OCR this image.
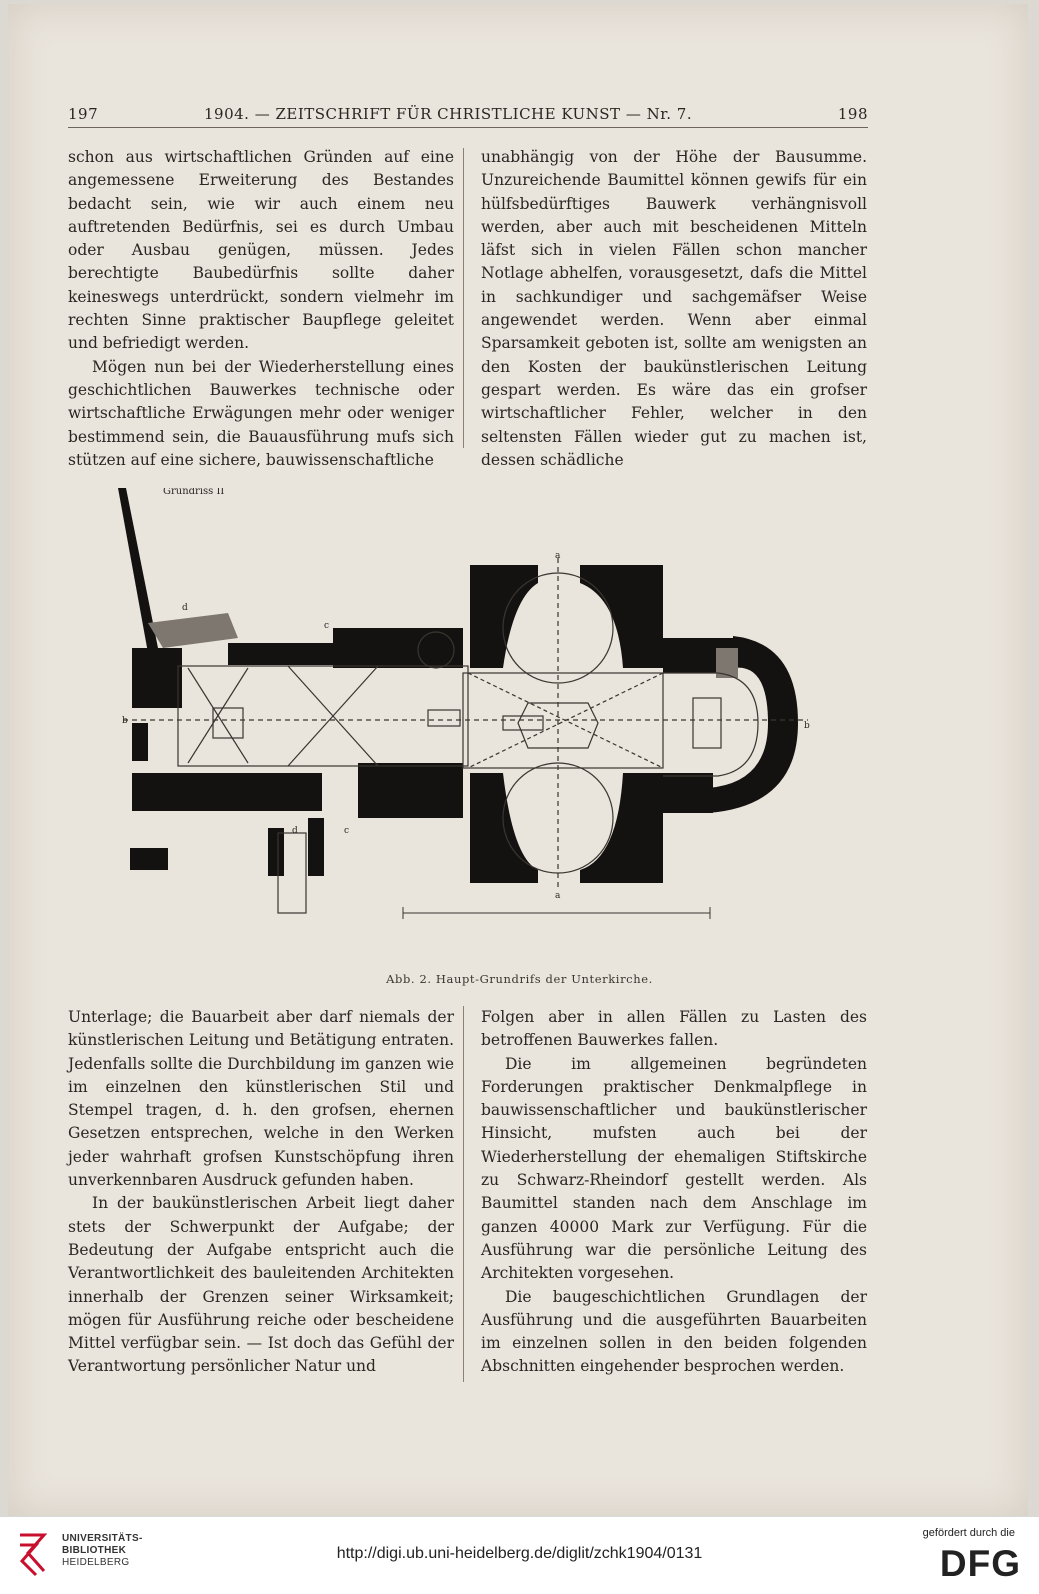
197	1904. — ZEITSCHRIFT FÜR CHRISTLICHE KUNST — Nr. 7.	198

schon aus wirtschaftlichen Gründen auf eine angemessene Erweiterung des Bestandes bedacht sein, wie wir auch einem neu auftretenden Bedürfnis, sei es durch Umbau oder Ausbau genügen, müssen. Jedes berechtigte Baubedürfnis sollte daher keineswegs unterdrückt, sondern vielmehr im rechten Sinne praktischer Baupflege geleitet und befriedigt werden.

Mögen nun bei der Wiederherstellung eines geschichtlichen Bauwerkes technische oder wirtschaftliche Erwägungen mehr oder weniger bestimmend sein, die Bauausführung mufs sich stützen auf eine sichere, bauwissenschaftliche

unabhängig von der Höhe der Bausumme. Unzureichende Baumittel können gewifs für ein hülfsbedürftiges Bauwerk verhängnisvoll werden, aber auch mit bescheidenen Mitteln läfst sich in vielen Fällen schon mancher Notlage abhelfen, vorausgesetzt, dafs die Mittel in sachkundiger und sachgemäfser Weise angewendet werden. Wenn aber einmal Sparsamkeit geboten ist, sollte am wenigsten an den Kosten der baukünstlerischen Leitung gespart werden. Es wäre das ein grofser wirtschaftlicher Fehler, welcher in den seltensten Fällen wieder gut zu machen ist, dessen schädliche

Grundriss II
a
a
b	b
c
c
d
d
Abb. 2. Haupt-Grundrifs der Unterkirche.

Unterlage; die Bauarbeit aber darf niemals der künstlerischen Leitung und Betätigung entraten. Jedenfalls sollte die Durchbildung im ganzen wie im einzelnen den künstlerischen Stil und Stempel tragen, d. h. den grofsen, ehernen Gesetzen entsprechen, welche in den Werken jeder wahrhaft grofsen Kunstschöpfung ihren unverkennbaren Ausdruck gefunden haben.

In der baukünstlerischen Arbeit liegt daher stets der Schwerpunkt der Aufgabe; der Bedeutung der Aufgabe entspricht auch die Verantwortlichkeit des bauleitenden Architekten innerhalb der Grenzen seiner Wirksamkeit; mögen für Ausführung reiche oder bescheidene Mittel verfügbar sein. — Ist doch das Gefühl der Verantwortung persönlicher Natur und

Folgen aber in allen Fällen zu Lasten des betroffenen Bauwerkes fallen.

Die im allgemeinen begründeten Forderungen praktischer Denkmalpflege in bauwissenschaftlicher und baukünstlerischer Hinsicht, mufsten auch bei der Wiederherstellung der ehemaligen Stiftskirche zu Schwarz-Rheindorf gestellt werden. Als Baumittel standen nach dem Anschlage im ganzen 40000 Mark zur Verfügung. Für die Ausführung war die persönliche Leitung des Architekten vorgesehen.

Die baugeschichtlichen Grundlagen der Ausführung und die ausgeführten Bauarbeiten im einzelnen sollen in den beiden folgenden Abschnitten eingehender besprochen werden.

UNIVERSITÄTS-
BIBLIOTHEK
HEIDELBERG
http://digi.ub.uni-heidelberg.de/diglit/zchk1904/0131
gefördert durch die
DFG
